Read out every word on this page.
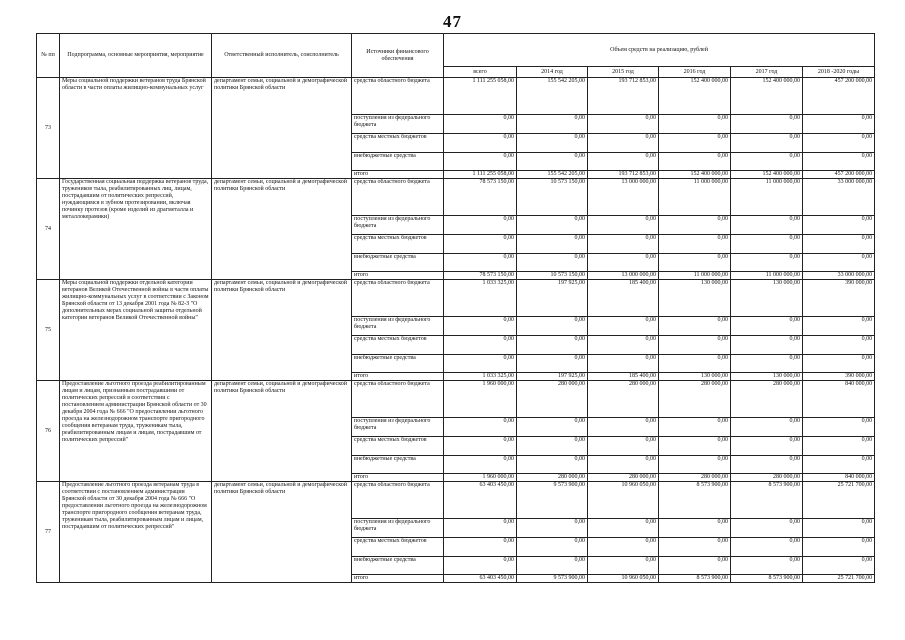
47
№ пп	Подпрограмма, основные мероприятия, мероприятие	Ответственный исполнитель, соисполнитель	Источники финансового обеспечения	Объем средств на реализацию, рублей					
				всего	2014 год	2015 год	2016 год	2017 год	2018 -2020 годы
73	Меры социальной поддержки ветеранов труда Брянской области в части оплаты жилищно-коммунальных услуг	департамент семьи, социальной и демографической политики Брянской области	средства областного бюджета	1 111 255 058,00	155 542 205,00	193 712 853,00	152 400 000,00	152 400 000,00	457 200 000,00
			поступления из федерального бюджета	0,00	0,00	0,00	0,00	0,00	0,00
			средства местных бюджетов	0,00	0,00	0,00	0,00	0,00	0,00
			внебюджетные средства	0,00	0,00	0,00	0,00	0,00	0,00
			итого	1 111 255 058,00	155 542 205,00	193 712 853,00	152 400 000,00	152 400 000,00	457 200 000,00
74	Государственная социальная поддержка ветеранов труда, тружеников тыла, реабилитированных лиц, лицам, пострадавшим от политических репрессий, нуждающимся в зубном протезировании, включая починку протезов (кроме изделий из драгметалла и металлокерамики)	департамент семьи, социальной и демографической политики Брянской области	средства областного бюджета	78 573 150,00	10 573 150,00	13 000 000,00	11 000 000,00	11 000 000,00	33 000 000,00
			поступления из федерального бюджета	0,00	0,00	0,00	0,00	0,00	0,00
			средства местных бюджетов	0,00	0,00	0,00	0,00	0,00	0,00
			внебюджетные средства	0,00	0,00	0,00	0,00	0,00	0,00
			итого	78 573 150,00	10 573 150,00	13 000 000,00	11 000 000,00	11 000 000,00	33 000 000,00
75	Меры социальной поддержки отдельной категории ветеранов Великой Отечественной войны в части оплаты жилищно-коммунальных услуг в соответствии с Законом Брянской области от 13 декабря 2001 года № 82-З "О дополнительных мерах социальной защиты отдельной категории ветеранов Великой Отечественной войны"	департамент семьи, социальной и демографической политики Брянской области	средства областного бюджета	1 033 325,00	197 925,00	185 400,00	130 000,00	130 000,00	390 000,00
			поступления из федерального бюджета	0,00	0,00	0,00	0,00	0,00	0,00
			средства местных бюджетов	0,00	0,00	0,00	0,00	0,00	0,00
			внебюджетные средства	0,00	0,00	0,00	0,00	0,00	0,00
			итого	1 033 325,00	197 925,00	185 400,00	130 000,00	130 000,00	390 000,00
76	Предоставление льготного проезда реабилитированным лицам и лицам, признанным пострадавшими от политических репрессий в соответствии с постановлением администрации Брянской области от 30 декабря 2004 года № 666 "О предоставлении льготного проезда на железнодорожном транспорте пригородного сообщения ветеранам труда, труженикам тыла, реабилитированным лицам и лицам, пострадавшим от политических репрессий"	департамент семьи, социальной и демографической политики Брянской области	средства областного бюджета	1 960 000,00	280 000,00	280 000,00	280 000,00	280 000,00	840 000,00
			поступления из федерального бюджета	0,00	0,00	0,00	0,00	0,00	0,00
			средства местных бюджетов	0,00	0,00	0,00	0,00	0,00	0,00
			внебюджетные средства	0,00	0,00	0,00	0,00	0,00	0,00
			итого	1 960 000,00	280 000,00	280 000,00	280 000,00	280 000,00	840 000,00
77	Предоставление льготного проезда ветеранам труда в соответствии с постановлением администрации Брянской области от 30 декабря 2004 года № 666 "О предоставлении льготного проезда на железнодорожном транспорте пригородного сообщения ветеранам труда, труженикам тыла, реабилитированным лицам и лицам, пострадавшим от политических репрессий"	департамент семьи, социальной и демографической политики Брянской области	средства областного бюджета	63 403 450,00	9 573 900,00	10 960 050,00	8 573 900,00	8 573 900,00	25 721 700,00
			поступления из федерального бюджета	0,00	0,00	0,00	0,00	0,00	0,00
			средства местных бюджетов	0,00	0,00	0,00	0,00	0,00	0,00
			внебюджетные средства	0,00	0,00	0,00	0,00	0,00	0,00
			итого	63 403 450,00	9 573 900,00	10 960 050,00	8 573 900,00	8 573 900,00	25 721 700,00
